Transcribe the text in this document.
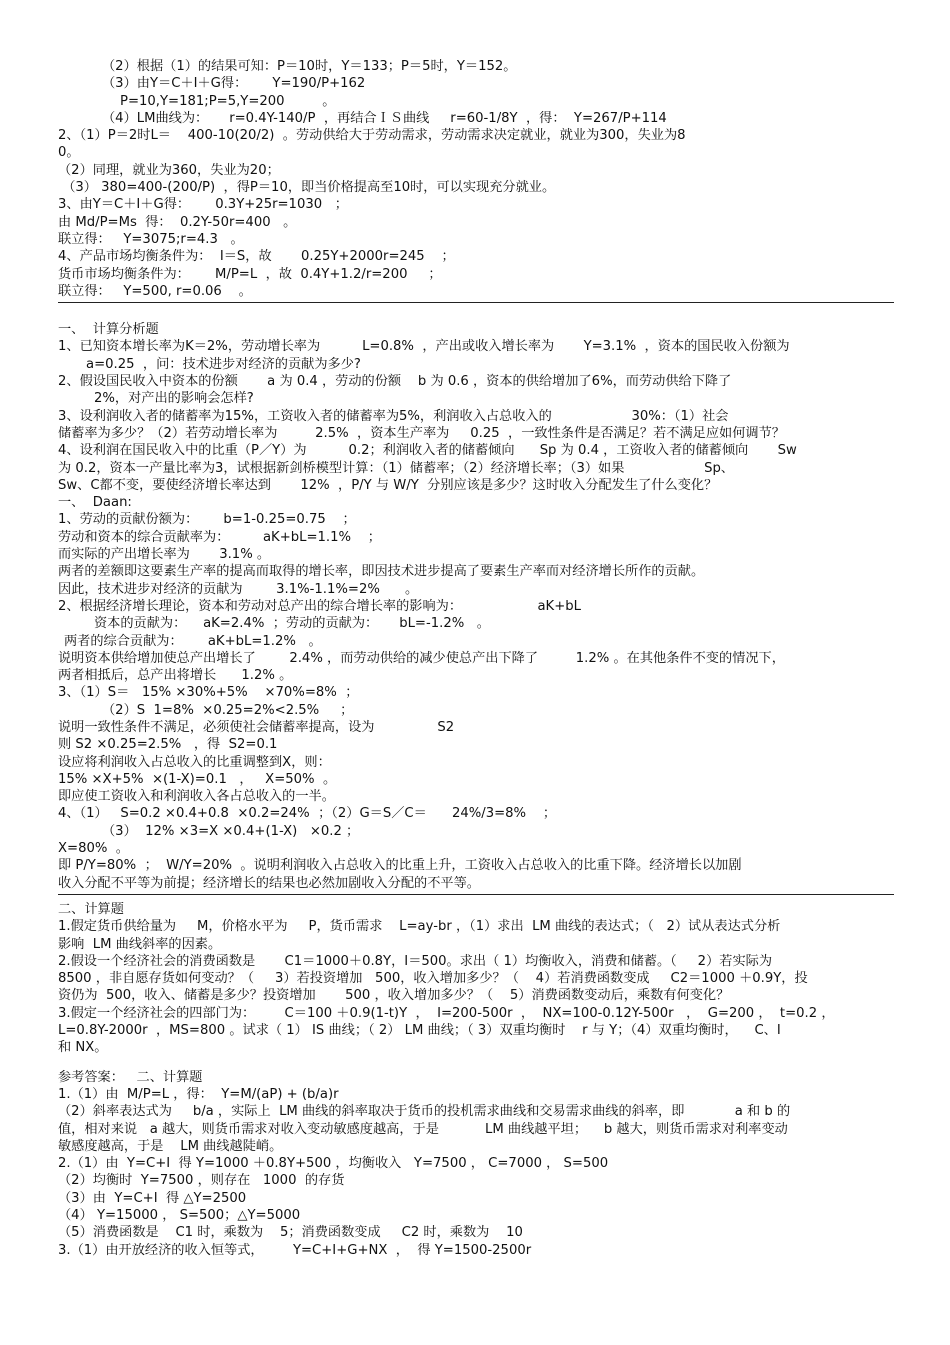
（2）根据（1）的结果可知：P＝10时，Y＝133；P＝5时，Y＝152。
（3）由Y＝C＋I＋G得：      Y=190/P+162
P=10,Y=181;P=5,Y=200         。
（4）LM曲线为：     r=0.4Y-140/P  ，再结合ＩＳ曲线     r=60-1/8Y  ，得：  Y=267/P+114
2、（1）P＝2时L＝    400-10(20/2)  。劳动供给大于劳动需求，劳动需求决定就业，就业为300，失业为8
0。
（2）同理，就业为360，失业为20；
（3） 380=400-(200/P)  ，得P＝10，即当价格提高至10时，可以实现充分就业。
3、由Y＝C＋I＋G得：      0.3Y+25r=1030   ；
由 Md/P=Ms  得：  0.2Y-50r=400   。
联立得：   Y=3075;r=4.3   。
4、产品市场均衡条件为：  I＝S，故       0.25Y+2000r=245    ；
货币市场均衡条件为：      M/P=L  ，故  0.4Y+1.2/r=200     ；
联立得：   Y=500, r=0.06    。
一、  计算分析题
1、已知资本增长率为K＝2%，劳动增长率为          L=0.8%  ，产出或收入增长率为       Y=3.1%  ，资本的国民收入份额为
a=0.25  ，问：技术进步对经济的贡献为多少?
2、假设国民收入中资本的份额       a 为 0.4 ，劳动的份额    b 为 0.6 ，资本的供给增加了6%，而劳动供给下降了
2%，对产出的影响会怎样?
3、设利润收入者的储蓄率为15%，工资收入者的储蓄率为5%，利润收入占总收入的                   30%：（1）社会
储蓄率为多少？（2）若劳动增长率为         2.5%  ，资本生产率为     0.25  ，一致性条件是否满足？若不满足应如何调节？
4、设利润在国民收入中的比重（P／Y）为          0.2；利润收入者的储蓄倾向      Sp 为 0.4 ，工资收入者的储蓄倾向       Sw
为 0.2，资本一产量比率为3，试根据新剑桥模型计算：（1）储蓄率；（2）经济增长率；（3）如果                   Sp、
Sw、C都不变，要使经济增长率达到       12%  ，P/Y 与 W/Y  分别应该是多少？这时收入分配发生了什么变化？
一、  Daan:
1、劳动的贡献份额为：      b=1-0.25=0.75    ；
劳动和资本的综合贡献率为：        aK+bL=1.1%    ；
而实际的产出增长率为       3.1% 。
两者的差额即这要素生产率的提高而取得的增长率，即因技术进步提高了要素生产率而对经济增长所作的贡献。
因此，技术进步对经济的贡献为        3.1%-1.1%=2%      。
2、根据经济增长理论，资本和劳动对总产出的综合增长率的影响为：                  aK+bL
资本的贡献为：    aK=2.4%  ；劳动的贡献为：     bL=-1.2%   。
两者的综合贡献为：      aK+bL=1.2%   。
说明资本供给增加使总产出增长了        2.4% ，而劳动供给的减少使总产出下降了         1.2% 。在其他条件不变的情况下，
两者相抵后，总产出将增长      1.2% 。
3、（1）S＝   15% ×30%+5%    ×70%=8%  ；
（2）S  1=8%  ×0.25=2%<2.5%     ；
说明一致性条件不满足，必须使社会储蓄率提高，设为               S2
则 S2 ×0.25=2.5%   ，得  S2=0.1
设应将利润收入占总收入的比重调整到X，则：
15% ×X+5%  ×(1-X)=0.1   ，   X=50%  。
即应使工资收入和利润收入各占总收入的一半。
4、（1）   S=0.2 ×0.4+0.8  ×0.2=24%  ；（2）G＝S／C＝      24%/3=8%    ；
（3）  12% ×3=X ×0.4+(1-X)   ×0.2 ；
X=80%  。
即 P/Y=80%  ；  W/Y=20%  。说明利润收入占总收入的比重上升，工资收入占总收入的比重下降。经济增长以加剧
收入分配不平等为前提；经济增长的结果也必然加剧收入分配的不平等。
二、计算题
1.假定货币供给量为     M，价格水平为     P，货币需求    L=ay-br ，（1）求出  LM 曲线的表达式；（   2）试从表达式分析
影响  LM 曲线斜率的因素。
2.假设一个经济社会的消费函数是       C1＝1000＋0.8Y，I＝500。求出（ 1）均衡收入，消费和储蓄。（     2）若实际为
8500 ，非自愿存货如何变动？（     3）若投资增加   500，收入增加多少？（    4）若消费函数变成     C2＝1000 ＋0.9Y，投
资仍为  500，收入、储蓄是多少？投资增加       500 ，收入增加多少？（    5）消费函数变动后，乘数有何变化？
3.假定一个经济社会的四部门为：       C＝100 ＋0.9(1-t)Y  ，  I=200-500r  ，  NX=100-0.12Y-500r   ，  G=200 ，  t=0.2 ，
L=0.8Y-2000r  ，MS=800 。试求（ 1） IS 曲线；（ 2） LM 曲线；（ 3）双重均衡时    r 与 Y；（4）双重均衡时，    C、I
和 NX。
参考答案：   二、计算题
1.（1）由  M/P=L ，得：  Y=M/(aP) + (b/a)r
（2）斜率表达式为     b/a ，实际上  LM 曲线的斜率取决于货币的投机需求曲线和交易需求曲线的斜率，即            a 和 b 的
值，相对来说   a 越大，则货币需求对收入变动敏感度越高，于是           LM 曲线越平坦；    b 越大，则货币需求对利率变动
敏感度越高，于是    LM 曲线越陡峭。
2.（1）由  Y=C+I  得 Y=1000 ＋0.8Y+500 ，均衡收入   Y=7500 ， C=7000 ， S=500
（2）均衡时  Y=7500 ，则存在   1000  的存货
（3）由  Y=C+I  得 △Y=2500
（4） Y=15000 ， S=500；△Y=5000
（5）消费函数是    C1 时，乘数为    5；消费函数变成     C2 时，乘数为    10
3.（1）由开放经济的收入恒等式，       Y=C+I+G+NX  ，  得 Y=1500-2500r
